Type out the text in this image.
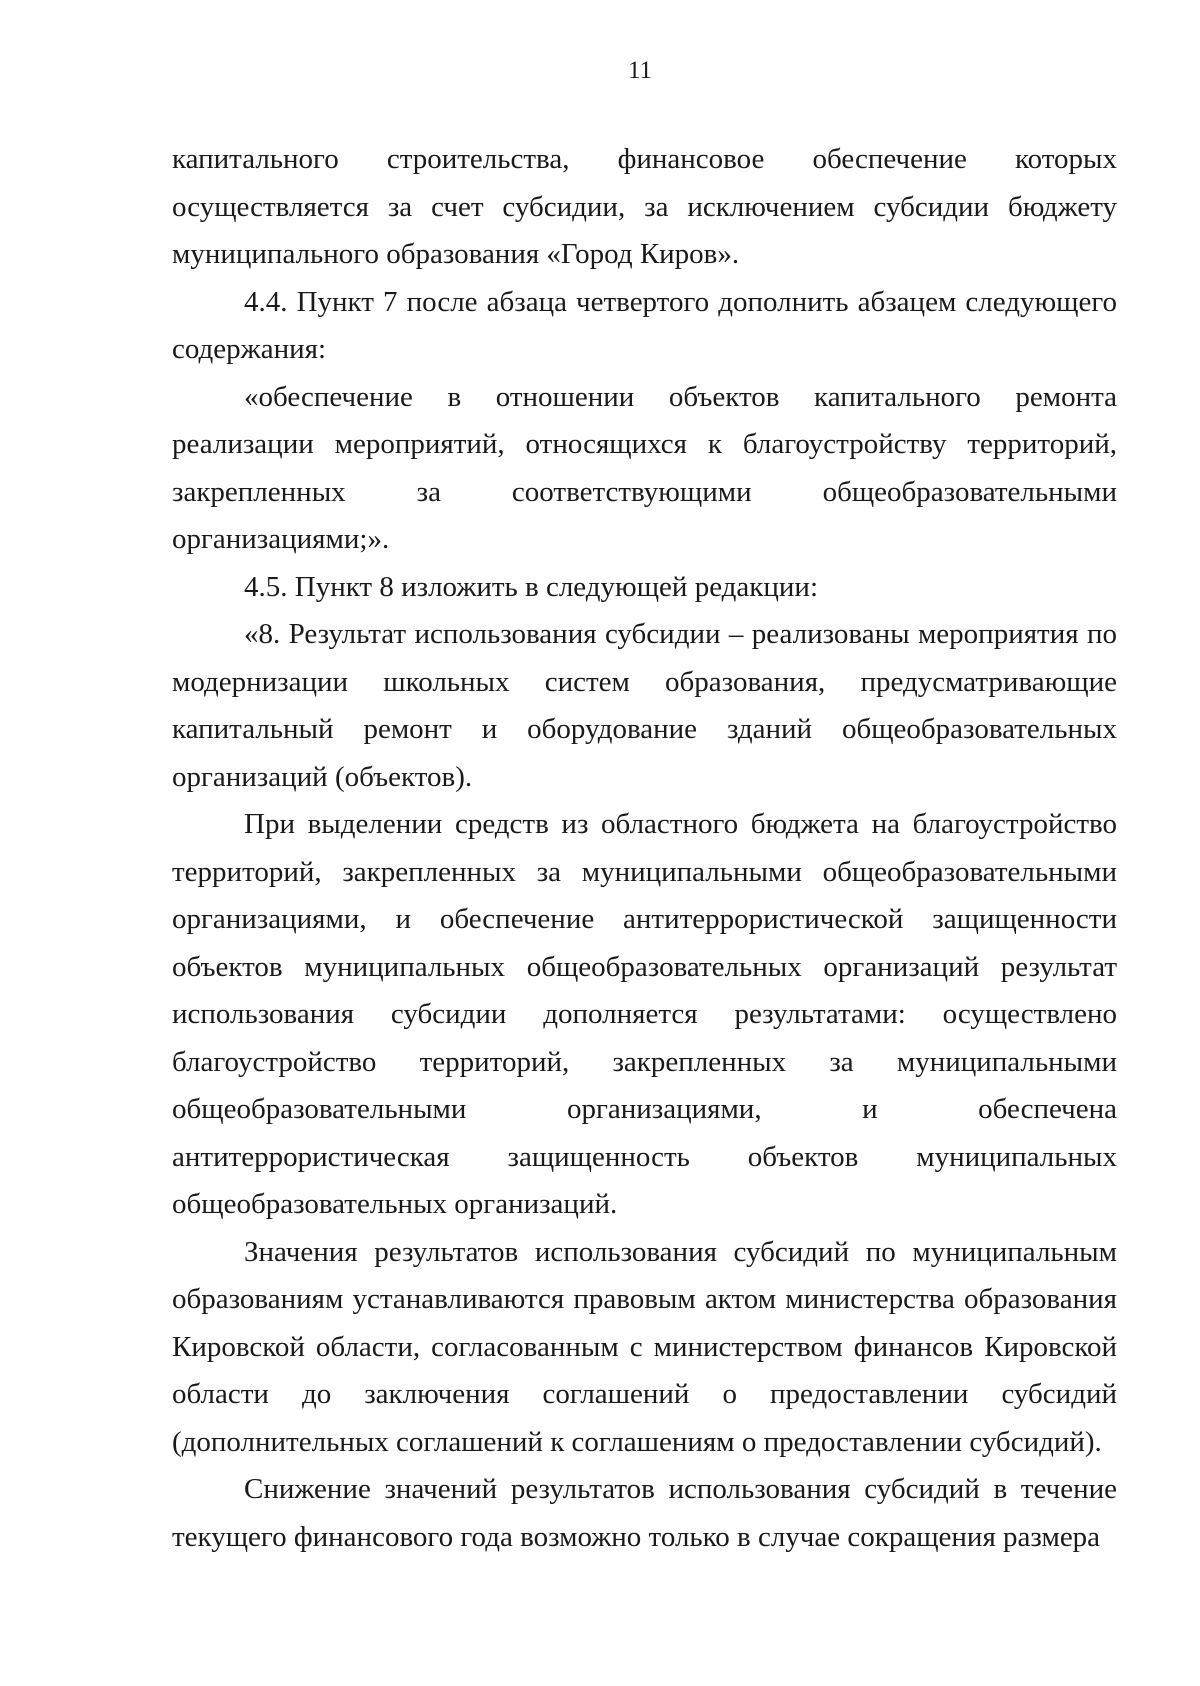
11

капитального строительства, финансовое обеспечение которых осуществляется за счет субсидии, за исключением субсидии бюджету муниципального образования «Город Киров».

4.4. Пункт 7 после абзаца четвертого дополнить абзацем следующего содержания:

«обеспечение в отношении объектов капитального ремонта реализации мероприятий, относящихся к благоустройству территорий, закрепленных за соответствующими общеобразовательными организациями;».

4.5. Пункт 8 изложить в следующей редакции:

«8. Результат использования субсидии – реализованы мероприятия по модернизации школьных систем образования, предусматривающие капитальный ремонт и оборудование зданий общеобразовательных организаций (объектов).

При выделении средств из областного бюджета на благоустройство территорий, закрепленных за муниципальными общеобразовательными организациями, и обеспечение антитеррористической защищенности объектов муниципальных общеобразовательных организаций результат использования субсидии дополняется результатами: осуществлено благоустройство территорий, закрепленных за муниципальными общеобразовательными организациями, и обеспечена антитеррористическая защищенность объектов муниципальных общеобразовательных организаций.

Значения результатов использования субсидий по муниципальным образованиям устанавливаются правовым актом министерства образования Кировской области, согласованным с министерством финансов Кировской области до заключения соглашений о предоставлении субсидий (дополнительных соглашений к соглашениям о предоставлении субсидий).

Снижение значений результатов использования субсидий в течение текущего финансового года возможно только в случае сокращения размера
